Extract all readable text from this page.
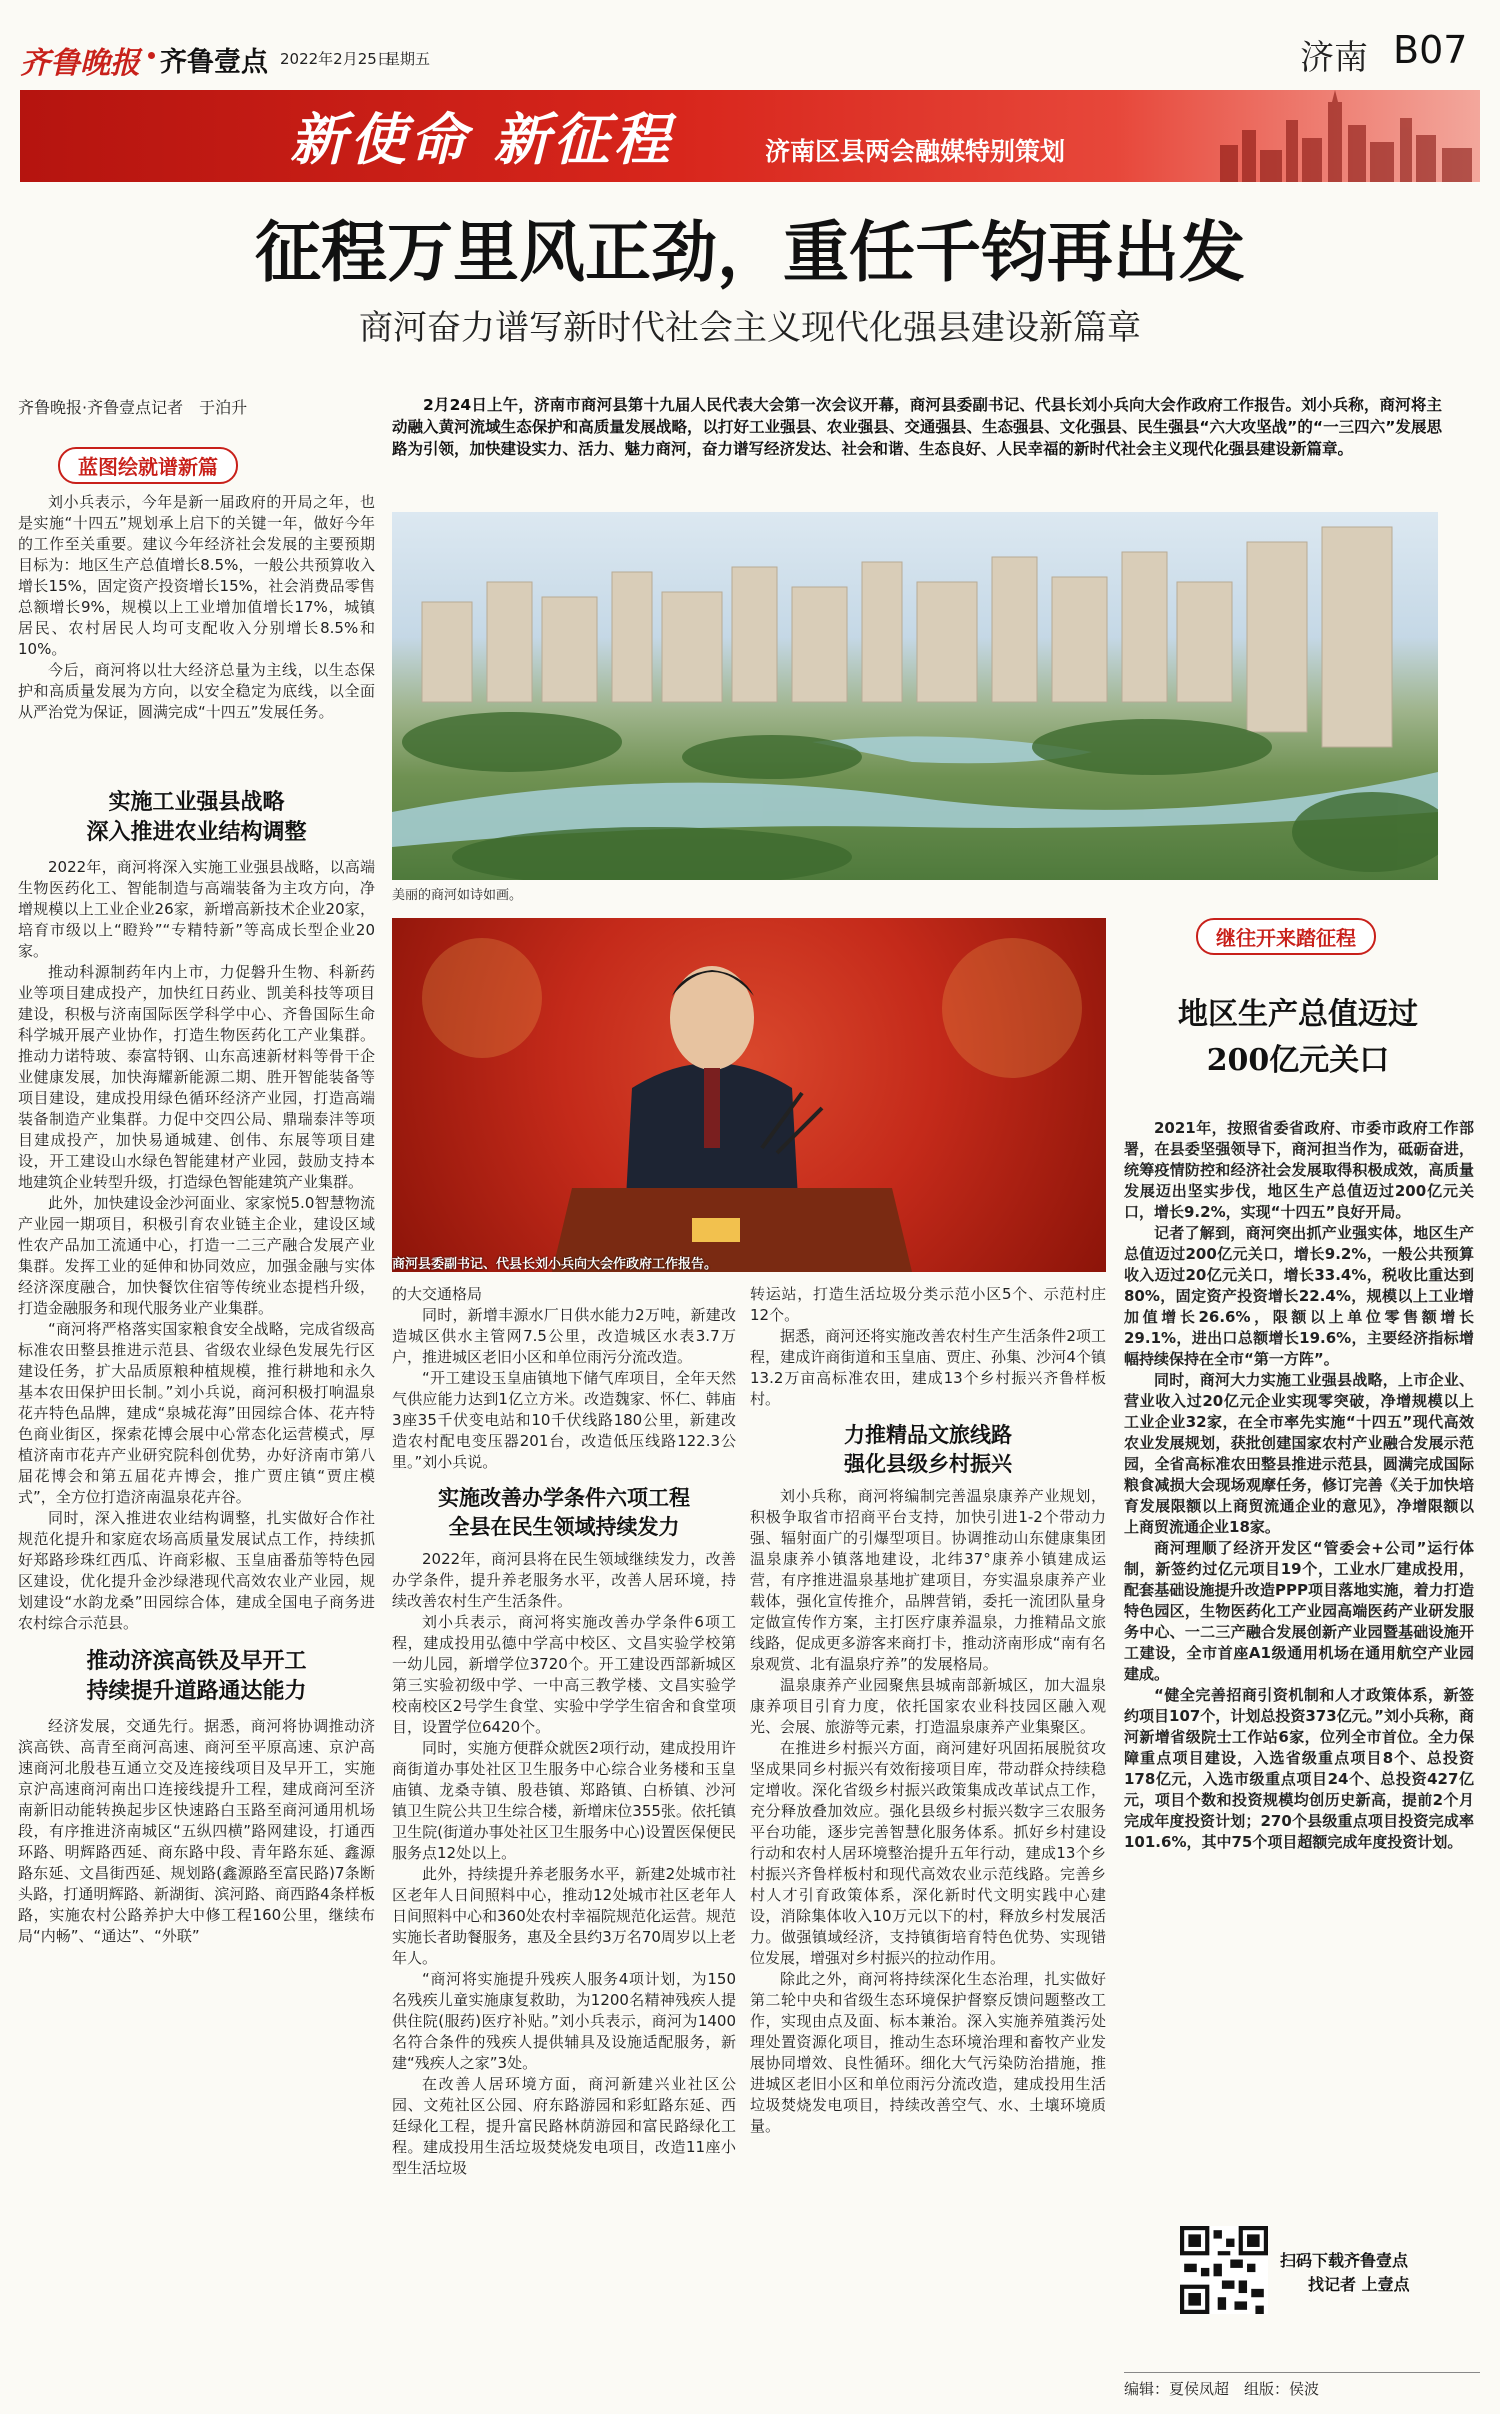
齐鲁晚报 齐鲁壹点 2022年2月25日
星期五	济南 B07
新使命 新征程	济南区县两会融媒特别策划
征程万里风正劲，重任千钧再出发
商河奋力谱写新时代社会主义现代化强县建设新篇章
齐鲁晚报·齐鲁壹点记者　于泊升	2月24日上午，济南市商河县第十九届人民代表大会第一次会议开幕，商河县委副书记、代县长刘小兵向大会作政府工作报告。刘小兵称，商河将主动融入黄河流域生态保护和高质量发展战略，以打好工业强县、农业强县、交通强县、生态强县、文化强县、民生强县“六大攻坚战”的“一三四六”发展思路为引领，加快建设实力、活力、魅力商河，奋力谱写经济发达、社会和谐、生态良好、人民幸福的新时代社会主义现代化强县建设新篇章。
美丽的商河如诗如画。
商河县委副书记、代县长刘小兵向大会作政府工作报告。
蓝图绘就谱新篇

刘小兵表示，今年是新一届政府的开局之年，也是实施“十四五”规划承上启下的关键一年，做好今年的工作至关重要。建议今年经济社会发展的主要预期目标为：地区生产总值增长8.5%，一般公共预算收入增长15%，固定资产投资增长15%，社会消费品零售总额增长9%，规模以上工业增加值增长17%，城镇居民、农村居民人均可支配收入分别增长8.5%和10%。

今后，商河将以壮大经济总量为主线，以生态保护和高质量发展为方向，以安全稳定为底线，以全面从严治党为保证，圆满完成“十四五”发展任务。

实施工业强县战略
深入推进农业结构调整

2022年，商河将深入实施工业强县战略，以高端生物医药化工、智能制造与高端装备为主攻方向，净增规模以上工业企业26家，新增高新技术企业20家，培育市级以上“瞪羚”“专精特新”等高成长型企业20家。

推动科源制药年内上市，力促磐升生物、科新药业等项目建成投产，加快红日药业、凯美科技等项目建设，积极与济南国际医学科学中心、齐鲁国际生命科学城开展产业协作，打造生物医药化工产业集群。推动力诺特玻、泰富特钢、山东高速新材料等骨干企业健康发展，加快海耀新能源二期、胜开智能装备等项目建设，建成投用绿色循环经济产业园，打造高端装备制造产业集群。力促中交四公局、鼎瑞泰沣等项目建成投产，加快易通城建、创伟、东展等项目建设，开工建设山水绿色智能建材产业园，鼓励支持本地建筑企业转型升级，打造绿色智能建筑产业集群。

此外，加快建设金沙河面业、家家悦5.0智慧物流产业园一期项目，积极引育农业链主企业，建设区域性农产品加工流通中心，打造一二三产融合发展产业集群。发挥工业的延伸和协同效应，加强金融与实体经济深度融合，加快餐饮住宿等传统业态提档升级，打造金融服务和现代服务业产业集群。

“商河将严格落实国家粮食安全战略，完成省级高标准农田整县推进示范县、省级农业绿色发展先行区建设任务，扩大品质原粮种植规模，推行耕地和永久基本农田保护田长制。”刘小兵说，商河积极打响温泉花卉特色品牌，建成“泉城花海”田园综合体、花卉特色商业街区，探索花博会展中心常态化运营模式，厚植济南市花卉产业研究院科创优势，办好济南市第八届花博会和第五届花卉博会，推广贾庄镇“贾庄模式”，全方位打造济南温泉花卉谷。

同时，深入推进农业结构调整，扎实做好合作社规范化提升和家庭农场高质量发展试点工作，持续抓好郑路珍珠红西瓜、许商彩椒、玉皇庙番茄等特色园区建设，优化提升金沙绿港现代高效农业产业园，规划建设“水韵龙桑”田园综合体，建成全国电子商务进农村综合示范县。

推动济滨高铁及早开工
持续提升道路通达能力

经济发展，交通先行。据悉，商河将协调推动济滨高铁、高青至商河高速、商河至平原高速、京沪高速商河北殷巷互通立交及连接线项目及早开工，实施京沪高速商河南出口连接线提升工程，建成商河至济南新旧动能转换起步区快速路白玉路至商河通用机场段，有序推进济南城区“五纵四横”路网建设，打通西环路、明辉路西延、商东路中段、青年路东延、鑫源路东延、文昌街西延、规划路(鑫源路至富民路)7条断头路，打通明辉路、新湖街、滨河路、商西路4条样板路，实施农村公路养护大中修工程160公里，继续布局“内畅”、“通达”、“外联”

的大交通格局

同时，新增丰源水厂日供水能力2万吨，新建改造城区供水主管网7.5公里，改造城区水表3.7万户，推进城区老旧小区和单位雨污分流改造。

“开工建设玉皇庙镇地下储气库项目，全年天然气供应能力达到1亿立方米。改造魏家、怀仁、韩庙3座35千伏变电站和10千伏线路180公里，新建改造农村配电变压器201台，改造低压线路122.3公里。”刘小兵说。

实施改善办学条件六项工程
全县在民生领域持续发力

2022年，商河县将在民生领域继续发力，改善办学条件，提升养老服务水平，改善人居环境，持续改善农村生产生活条件。

刘小兵表示，商河将实施改善办学条件6项工程，建成投用弘德中学高中校区、文昌实验学校第一幼儿园，新增学位3720个。开工建设西部新城区第三实验初级中学、一中高三教学楼、文昌实验学校南校区2号学生食堂、实验中学学生宿舍和食堂项目，设置学位6420个。

同时，实施方便群众就医2项行动，建成投用许商街道办事处社区卫生服务中心综合业务楼和玉皇庙镇、龙桑寺镇、殷巷镇、郑路镇、白桥镇、沙河镇卫生院公共卫生综合楼，新增床位355张。依托镇卫生院(街道办事处社区卫生服务中心)设置医保便民服务点12处以上。

此外，持续提升养老服务水平，新建2处城市社区老年人日间照料中心，推动12处城市社区老年人日间照料中心和360处农村幸福院规范化运营。规范实施长者助餐服务，惠及全县约3万名70周岁以上老年人。

“商河将实施提升残疾人服务4项计划，为150名残疾儿童实施康复救助，为1200名精神残疾人提供住院(服药)医疗补贴。”刘小兵表示，商河为1400名符合条件的残疾人提供辅具及设施适配服务，新建“残疾人之家”3处。

在改善人居环境方面，商河新建兴业社区公园、文苑社区公园、府东路游园和彩虹路东延、西廷绿化工程，提升富民路林荫游园和富民路绿化工程。建成投用生活垃圾焚烧发电项目，改造11座小型生活垃圾

转运站，打造生活垃圾分类示范小区5个、示范村庄12个。

据悉，商河还将实施改善农村生产生活条件2项工程，建成许商街道和玉皇庙、贾庄、孙集、沙河4个镇13.2万亩高标准农田，建成13个乡村振兴齐鲁样板村。

力推精品文旅线路
强化县级乡村振兴

刘小兵称，商河将编制完善温泉康养产业规划，积极争取省市招商平台支持，加快引进1-2个带动力强、辐射面广的引爆型项目。协调推动山东健康集团温泉康养小镇落地建设，北纬37°康养小镇建成运营，有序推进温泉基地扩建项目，夯实温泉康养产业载体，强化宣传推介，品牌营销，委托一流团队量身定做宣传作方案，主打医疗康养温泉，力推精品文旅线路，促成更多游客来商打卡，推动济南形成“南有名泉观赏、北有温泉疗养”的发展格局。

温泉康养产业园聚焦县城南部新城区，加大温泉康养项目引育力度，依托国家农业科技园区融入观光、会展、旅游等元素，打造温泉康养产业集聚区。

在推进乡村振兴方面，商河建好巩固拓展脱贫攻坚成果同乡村振兴有效衔接项目库，带动群众持续稳定增收。深化省级乡村振兴政策集成改革试点工作，充分释放叠加效应。强化县级乡村振兴数字三农服务平台功能，逐步完善智慧化服务体系。抓好乡村建设行动和农村人居环境整治提升五年行动，建成13个乡村振兴齐鲁样板村和现代高效农业示范线路。完善乡村人才引育政策体系，深化新时代文明实践中心建设，消除集体收入10万元以下的村，释放乡村发展活力。做强镇域经济，支持镇街培育特色优势、实现错位发展，增强对乡村振兴的拉动作用。

除此之外，商河将持续深化生态治理，扎实做好第二轮中央和省级生态环境保护督察反馈问题整改工作，实现由点及面、标本兼治。深入实施养殖粪污处理处置资源化项目，推动生态环境治理和畜牧产业发展协同增效、良性循环。细化大气污染防治措施，推进城区老旧小区和单位雨污分流改造，建成投用生活垃圾焚烧发电项目，持续改善空气、水、土壤环境质量。

继往开来踏征程
地区生产总值迈过
200亿元关口

2021年，按照省委省政府、市委市政府工作部署，在县委坚强领导下，商河担当作为，砥砺奋进，统筹疫情防控和经济社会发展取得积极成效，高质量发展迈出坚实步伐，地区生产总值迈过200亿元关口，增长9.2%，实现“十四五”良好开局。

记者了解到，商河突出抓产业强实体，地区生产总值迈过200亿元关口，增长9.2%，一般公共预算收入迈过20亿元关口，增长33.4%，税收比重达到80%，固定资产投资增长22.4%，规模以上工业增加值增长26.6%，限额以上单位零售额增长29.1%，进出口总额增长19.6%，主要经济指标增幅持续保持在全市“第一方阵”。

同时，商河大力实施工业强县战略，上市企业、营业收入过20亿元企业实现零突破，净增规模以上工业企业32家，在全市率先实施“十四五”现代高效农业发展规划，获批创建国家农村产业融合发展示范园，全省高标准农田整县推进示范县，圆满完成国际粮食减损大会现场观摩任务，修订完善《关于加快培育发展限额以上商贸流通企业的意见》，净增限额以上商贸流通企业18家。

商河理顺了经济开发区“管委会+公司”运行体制，新签约过亿元项目19个，工业水厂建成投用，配套基础设施提升改造PPP项目落地实施，着力打造特色园区，生物医药化工产业园高端医药产业研发服务中心、一二三产融合发展创新产业园暨基础设施开工建设，全市首座A1级通用机场在通用航空产业园建成。

“健全完善招商引资机制和人才政策体系，新签约项目107个，计划总投资373亿元。”刘小兵称，商河新增省级院士工作站6家，位列全市首位。全力保障重点项目建设，入选省级重点项目8个、总投资178亿元，入选市级重点项目24个、总投资427亿元，项目个数和投资规模均创历史新高，提前2个月完成年度投资计划；270个县级重点项目投资完成率101.6%，其中75个项目超额完成年度投资计划。

扫码下载齐鲁壹点
找记者 上壹点
编辑：夏侯凤超　组版：侯波
